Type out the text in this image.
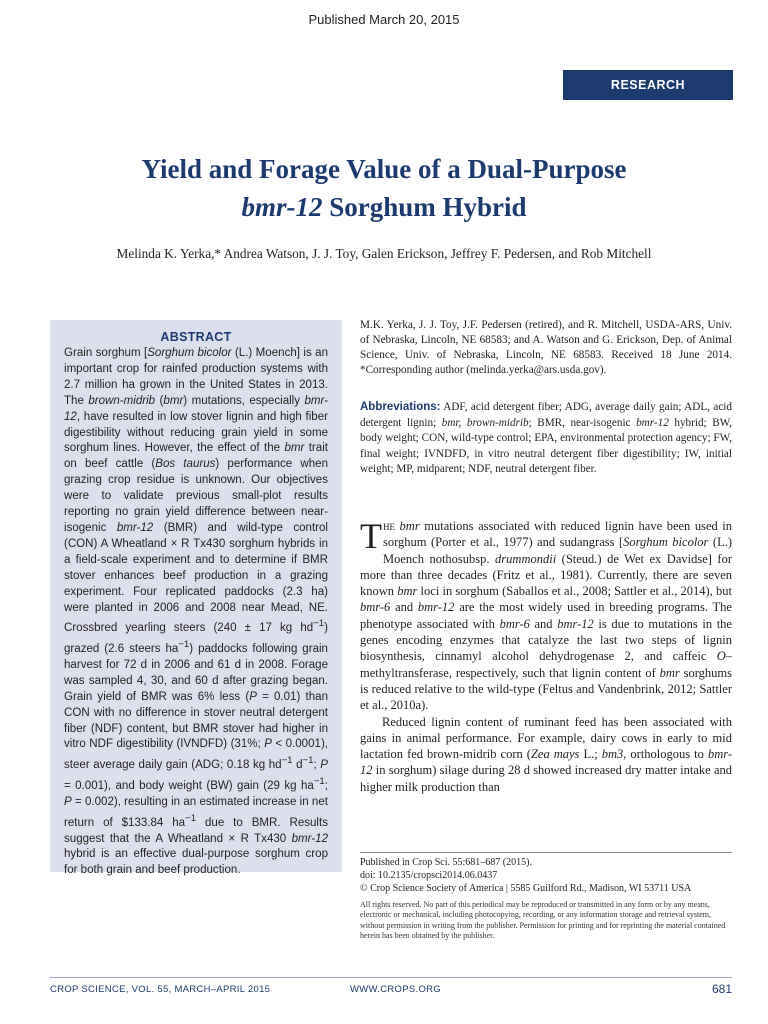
Published March 20, 2015
RESEARCH
Yield and Forage Value of a Dual-Purpose
bmr-12 Sorghum Hybrid
Melinda K. Yerka,* Andrea Watson, J. J. Toy, Galen Erickson, Jeffrey F. Pedersen, and Rob Mitchell
ABSTRACT

Grain sorghum [Sorghum bicolor (L.) Moench] is an important crop for rainfed production systems with 2.7 million ha grown in the United States in 2013. The brown-midrib (bmr) mutations, especially bmr-12, have resulted in low stover lignin and high fiber digestibility without reducing grain yield in some sorghum lines. However, the effect of the bmr trait on beef cattle (Bos taurus) performance when grazing crop residue is unknown. Our objectives were to validate previous small-plot results reporting no grain yield difference between near-isogenic bmr-12 (BMR) and wild-type control (CON) A Wheatland × R Tx430 sorghum hybrids in a field-scale experiment and to determine if BMR stover enhances beef production in a grazing experiment. Four replicated paddocks (2.3 ha) were planted in 2006 and 2008 near Mead, NE. Crossbred yearling steers (240 ± 17 kg $hd^{-1}$) grazed (2.6 steers $ha^{-1}$) paddocks following grain harvest for 72 d in 2006 and 61 d in 2008. Forage was sampled 4, 30, and 60 d after grazing began. Grain yield of BMR was 6% less (P = 0.01) than CON with no difference in stover neutral detergent fiber (NDF) content, but BMR stover had higher in vitro NDF digestibility (IVNDFD) (31%; P < 0.0001), steer average daily gain (ADG; 0.18 kg $hd^{-1}$ $d^{-1}$; P = 0.001), and body weight (BW) gain (29 kg $ha^{-1}$; P = 0.002), resulting in an estimated increase in net return of $133.84 $ha^{-1}$ due to BMR. Results suggest that the A Wheatland × R Tx430 bmr-12 hybrid is an effective dual-purpose sorghum crop for both grain and beef production.

M.K. Yerka, J. J. Toy, J.F. Pedersen (retired), and R. Mitchell, USDA-ARS, Univ. of Nebraska, Lincoln, NE 68583; and A. Watson and G. Erickson, Dep. of Animal Science, Univ. of Nebraska, Lincoln, NE 68583. Received 18 June 2014. *Corresponding author (melinda.yerka@ars.usda.gov).

Abbreviations: ADF, acid detergent fiber; ADG, average daily gain; ADL, acid detergent lignin; bmr, brown-midrib; BMR, near-isogenic bmr-12 hybrid; BW, body weight; CON, wild-type control; EPA, environmental protection agency; FW, final weight; IVNDFD, in vitro neutral detergent fiber digestibility; IW, initial weight; MP, midparent; NDF, neutral detergent fiber.

The bmr mutations associated with reduced lignin have been used in sorghum (Porter et al., 1977) and sudangrass [Sorghum bicolor (L.) Moench nothosubsp. drummondii (Steud.) de Wet ex Davidse] for more than three decades (Fritz et al., 1981). Currently, there are seven known bmr loci in sorghum (Saballos et al., 2008; Sattler et al., 2014), but bmr-6 and bmr-12 are the most widely used in breeding programs. The phenotype associated with bmr-6 and bmr-12 is due to mutations in the genes encoding enzymes that catalyze the last two steps of lignin biosynthesis, cinnamyl alcohol dehydrogenase 2, and caffeic O–methyltransferase, respectively, such that lignin content of bmr sorghums is reduced relative to the wild-type (Feltus and Vandenbrink, 2012; Sattler et al., 2010a).

Reduced lignin content of ruminant feed has been associated with gains in animal performance. For example, dairy cows in early to mid lactation fed brown-midrib corn (Zea mays L.; bm3, orthologous to bmr-12 in sorghum) silage during 28 d showed increased dry matter intake and higher milk production than

Published in Crop Sci. 55:681–687 (2015).
doi: 10.2135/cropsci2014.06.0437
© Crop Science Society of America | 5585 Guilford Rd., Madison, WI 53711 USA
All rights reserved. No part of this periodical may be reproduced or transmitted in any form or by any means, electronic or mechanical, including photocopying, recording, or any information storage and retrieval system, without permission in writing from the publisher. Permission for printing and for reprinting the material contained herein has been obtained by the publisher.
CROP SCIENCE, VOL. 55, MARCH–APRIL 2015	WWW.CROPS.ORG	681
